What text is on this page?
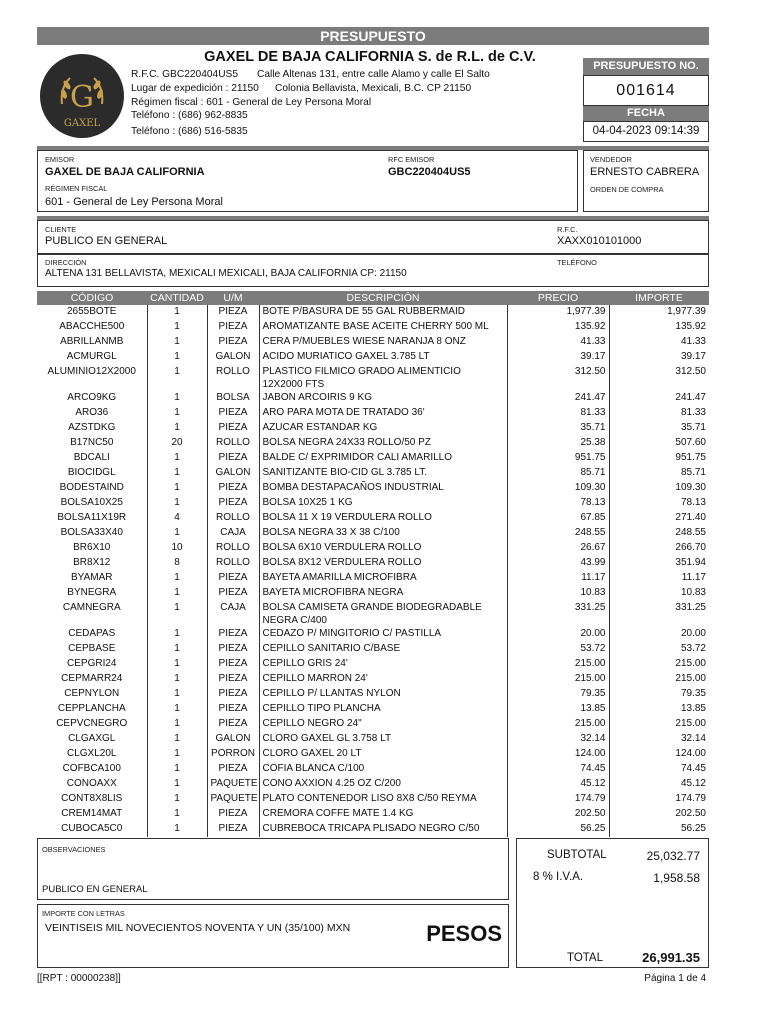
PRESUPUESTO
G
GAXEL
GAXEL DE BAJA CALIFORNIA S. de R.L. de C.V.
R.F.C. GBC220404US5 Calle Altenas 131, entre calle Alamo y calle El Salto
Lugar de expedición : 21150 Colonia Bellavista, Mexicali, B.C. CP 21150
Régimen fiscal : 601 - General de Ley Persona Moral
Teléfono : (686) 962-8835
Teléfono : (686) 516-5835
PRESUPUESTO NO.
001614
FECHA
04-04-2023 09:14:39
EMISOR
GAXEL DE BAJA CALIFORNIA
RFC EMISOR
GBC220404US5
RÉGIMEN FISCAL
601 - General de Ley Persona Moral
VENDEDOR
ERNESTO CABRERA
ORDEN DE COMPRA
CLIENTE
PUBLICO EN GENERAL
R.F.C.
XAXX010101000
DIRECCIÓN
ALTENA 131 BELLAVISTA, MEXICALI MEXICALI, BAJA CALIFORNIA CP: 21150
TELÉFONO
CÓDIGO	CANTIDAD	U/M	DESCRIPCIÓN	PRECIO	IMPORTE
2655BOTE	1	PIEZA	BOTE P/BASURA DE 55 GAL RUBBERMAID	1,977.39	1,977.39
ABACCHE500	1	PIEZA	AROMATIZANTE BASE ACEITE CHERRY 500 ML	135.92	135.92
ABRILLANMB	1	PIEZA	CERA P/MUEBLES WIESE NARANJA 8 ONZ	41.33	41.33
ACMURGL	1	GALON	ACIDO MURIATICO GAXEL 3.785 LT	39.17	39.17
ALUMINIO12X2000	1	ROLLO	PLASTICO FILMICO GRADO ALIMENTICIO 12X2000 FTS	312.50	312.50
ARCO9KG	1	BOLSA	JABON ARCOIRIS 9 KG	241.47	241.47
ARO36	1	PIEZA	ARO PARA MOTA DE TRATADO 36'	81.33	81.33
AZSTDKG	1	PIEZA	AZUCAR ESTANDAR KG	35.71	35.71
B17NC50	20	ROLLO	BOLSA NEGRA 24X33 ROLLO/50 PZ	25.38	507.60
BDCALI	1	PIEZA	BALDE C/ EXPRIMIDOR CALI AMARILLO	951.75	951.75
BIOCIDGL	1	GALON	SANITIZANTE BIO-CID GL 3.785 LT.	85.71	85.71
BODESTAIND	1	PIEZA	BOMBA DESTAPACAÑOS INDUSTRIAL	109.30	109.30
BOLSA10X25	1	PIEZA	BOLSA 10X25 1 KG	78.13	78.13
BOLSA11X19R	4	ROLLO	BOLSA 11 X 19 VERDULERA ROLLO	67.85	271.40
BOLSA33X40	1	CAJA	BOLSA NEGRA 33 X 38 C/100	248.55	248.55
BR6X10	10	ROLLO	BOLSA 6X10 VERDULERA ROLLO	26.67	266.70
BR8X12	8	ROLLO	BOLSA 8X12 VERDULERA ROLLO	43.99	351.94
BYAMAR	1	PIEZA	BAYETA AMARILLA MICROFIBRA	11.17	11.17
BYNEGRA	1	PIEZA	BAYETA MICROFIBRA NEGRA	10.83	10.83
CAMNEGRA	1	CAJA	BOLSA CAMISETA GRANDE BIODEGRADABLE NEGRA C/400	331.25	331.25
CEDAPAS	1	PIEZA	CEDAZO P/ MINGITORIO C/ PASTILLA	20.00	20.00
CEPBASE	1	PIEZA	CEPILLO SANITARIO C/BASE	53.72	53.72
CEPGRI24	1	PIEZA	CEPILLO GRIS 24'	215.00	215.00
CEPMARR24	1	PIEZA	CEPILLO MARRON 24'	215.00	215.00
CEPNYLON	1	PIEZA	CEPILLO P/ LLANTAS NYLON	79.35	79.35
CEPPLANCHA	1	PIEZA	CEPILLO TIPO PLANCHA	13.85	13.85
CEPVCNEGRO	1	PIEZA	CEPILLO NEGRO 24"	215.00	215.00
CLGAXGL	1	GALON	CLORO GAXEL GL 3.758 LT	32.14	32.14
CLGXL20L	1	PORRON	CLORO GAXEL 20 LT	124.00	124.00
COFBCA100	1	PIEZA	COFIA BLANCA C/100	74.45	74.45
CONOAXX	1	PAQUETE	CONO AXXION 4.25 OZ C/200	45.12	45.12
CONT8X8LIS	1	PAQUETE	PLATO CONTENEDOR LISO 8X8 C/50 REYMA	174.79	174.79
CREM14MAT	1	PIEZA	CREMORA COFFE MATE 1.4 KG	202.50	202.50
CUBOCA5C0	1	PIEZA	CUBREBOCA TRICAPA PLISADO NEGRO C/50	56.25	56.25
OBSERVACIONES
PUBLICO EN GENERAL
IMPORTE CON LETRAS
VEINTISEIS MIL NOVECIENTOS NOVENTA Y UN (35/100) MXN	PESOS
SUBTOTAL	25,032.77
8 % I.V.A.	1,958.58
TOTAL	26,991.35
[[RPT : 00000238]]	Página 1 de 4
